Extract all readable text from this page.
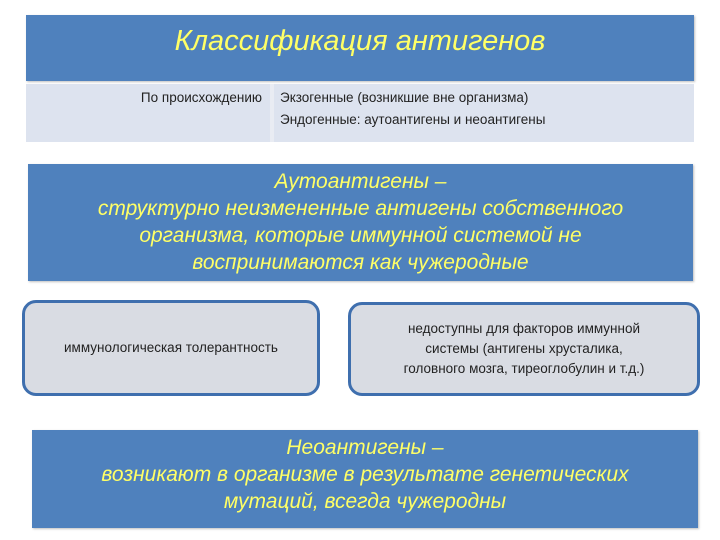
Классификация антигенов
По происхождению Экзогенные (возникшие вне организма)
Эндогенные: аутоантигены и неоантигены
Аутоантигены –
структурно неизмененные антигены собственного
организма, которые иммунной системой не
воспринимаются как чужеродные
иммунологическая толерантность
недоступны для факторов иммунной
системы (антигены хрусталика,
головного мозга, тиреоглобулин и т.д.)
Неоантигены –
возникают в организме в результате генетических
мутаций, всегда чужеродны
